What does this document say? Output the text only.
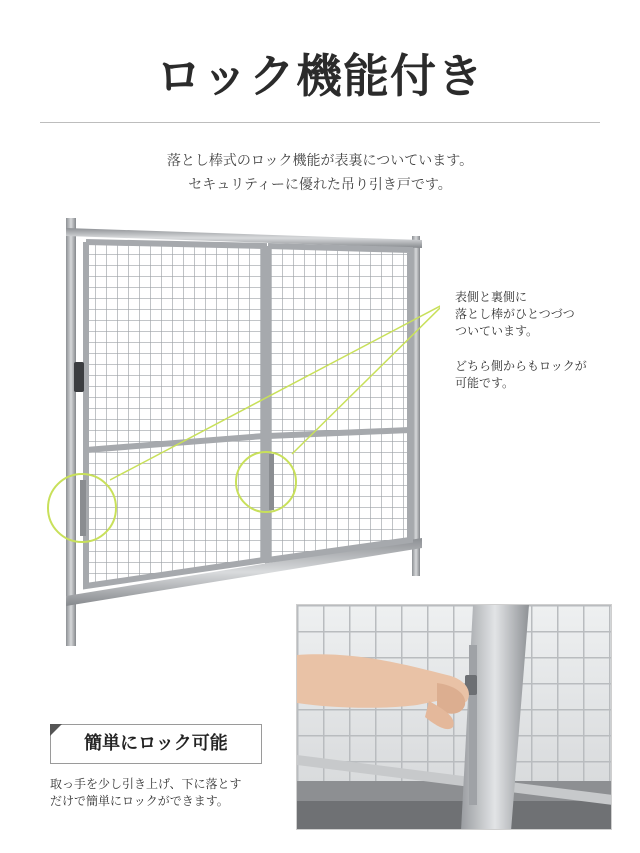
ロック機能付き
落とし棒式のロック機能が表裏についています。
セキュリティーに優れた吊り引き戸です。

表側と裏側に
落とし棒がひとつづつ
ついています。

どちら側からもロックが
可能です。

簡単にロック可能
取っ手を少し引き上げ、下に落とす
だけで簡単にロックができます。
